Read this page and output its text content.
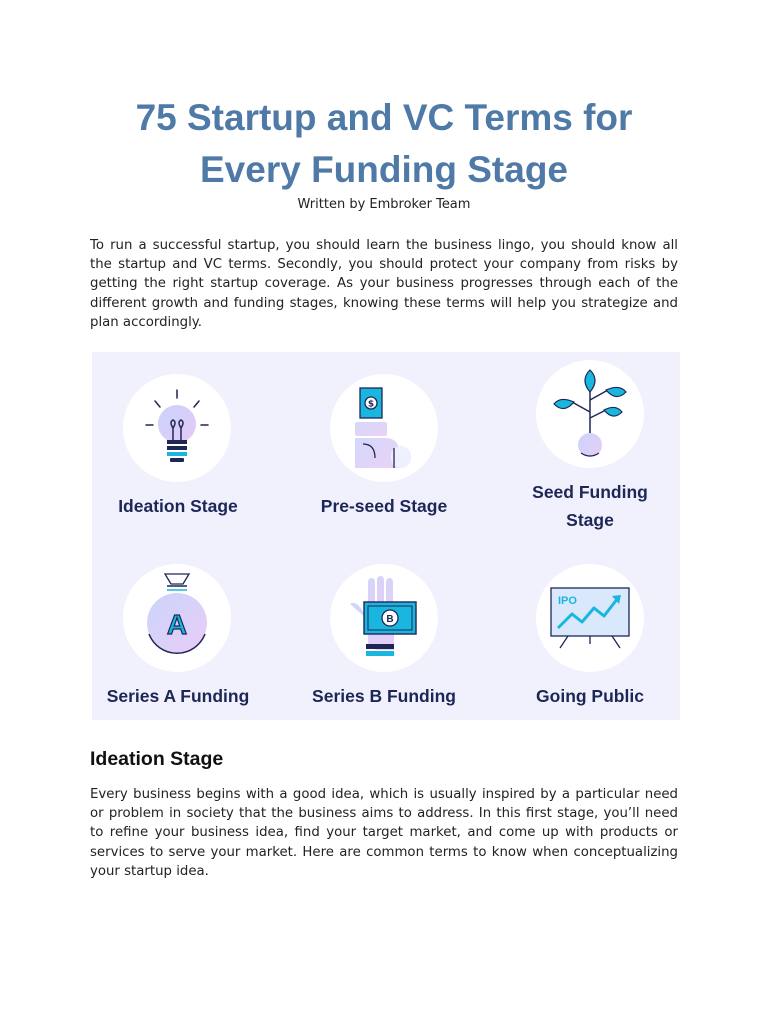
75 Startup and VC Terms for
Every Funding Stage
Written by Embroker Team

To run a successful startup, you should learn the business lingo, you should know all the startup and VC terms. Secondly, you should protect your company from risks by getting the right startup coverage. As your business progresses through each of the different growth and funding stages, knowing these terms will help you strategize and plan accordingly.

Ideation Stage
$
Pre-seed Stage
Seed Funding
Stage
A
Series A Funding
B
Series B Funding
IPO
Going Public
Ideation Stage

Every business begins with a good idea, which is usually inspired by a particular need or problem in society that the business aims to address. In this first stage, you’ll need to refine your business idea, find your target market, and come up with products or services to serve your market. Here are common terms to know when conceptualizing your startup idea.
